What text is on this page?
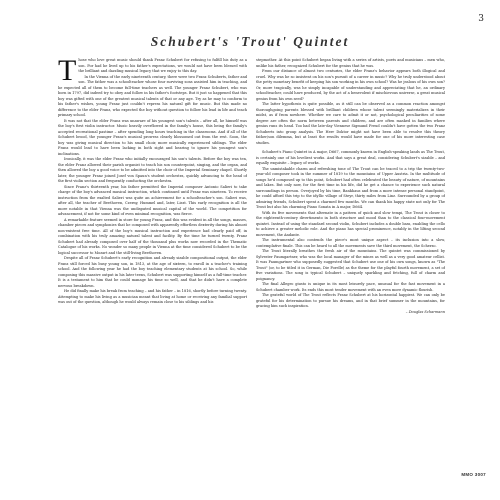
3
Schubert's 'Trout' Quintet

Those who love great music should thank Franz Schubert for refusing to fulfill his duty as a son. For had he lived up to his father's expectations, we would not have been blessed with the brilliant and dazzling musical legacy that we enjoy to this day.

In the Vienna of the early nineteenth century, there were two Franz Schuberts, father and son. The father was a schoolteacher whose four surviving sons assisted him in teaching, and he expected all of them to become full-time teachers as well. The younger Franz Schubert, who was born in 1797, did indeed try to obey and follow in his father's footsteps. But it just so happened that this boy was gifted with one of the greatest musical talents of that or any age. Try as he may to conform to his father's wishes, young Franz just couldn't repress his natural gift for music. But this made no difference to the elder Franz, who expected the boy without question to follow his lead in life and teach primary school.

It was not that the elder Franz was unaware of his youngest son's talents – after all, he himself was the boy's first violin instructor. Music heavily overflowed in the family's house, this being the family's accepted recreational pastime – after spending long hours teaching in the classrooms. And if all of the Schubert brood, the younger Franz's musical prowess clearly blossomed out from the rest. Soon, the boy was giving musical direction to his small choir, more musically experienced siblings. The elder Franz would lead to have been lacking in both sight and hearing to ignore his youngest son's inclinations.

Ironically, it was the elder Franz who initially encouraged his son's talents. Before the boy was ten, the elder Franz allowed their parish organist to teach his son counterpoint, singing, and the organ, and then allowed the boy a good voice to be admitted into the choir of the Imperial Seminary chapel. Shortly later, the younger Franz joined Josef von Spaun's student orchestra, quickly advancing to the head of the first violin section and frequently conducting the orchestra.

Since Franz's thirteenth year, his father permitted the Imperial composer Antonio Salieri to take charge of the boy's advanced musical instruction, which continued until Franz was nineteen. To receive instruction from the exalted Salieri was quite an achievement for a schoolteacher's son. Salieri was, after all, the teacher of Beethoven, Czerny, Hummel and, later, Liszt. This early recognition is all the more notable in that Vienna was the undisputed musical capital of the world. The competition for advancement, if not for some kind of even minimal recognition, was fierce.

A remarkable feature seemed in store for young Franz, and this was evident in all the songs, masses, chamber pieces and symphonies that he composed with apparently effortless dexterity during his almost non-existent free time. All of the boy's musical instruction and experience had clearly paid off, in combination with his truly amazing natural talent and facility. By the time he turned twenty, Franz Schubert had already composed over half of the thousand plus works now recorded in the Thematic Catalogue of his works. No wonder so many people in Vienna at the time considered Schubert to be the logical successor to Mozart and the still-living Beethoven.

Despite all of Franz Schubert's early recognition and already sizable compositional output, the elder Franz still forced his busy young son, in 1813, at the age of sixteen, to enroll in a teacher's training school. And the following year he had the boy teaching elementary students at his school. So, while composing this massive output in his later teens, Schubert was supporting himself as a full-time teacher. It is a testament to him that he could manage his time so well, and that he didn't have a complete nervous breakdown.

He did finally make his break from teaching – and his father – in 1816, shortly before turning twenty. Attempting to make his living as a musician meant that living at home or receiving any familial support was out of the question, although he would always remain close to his siblings and his

stepmother. At this point Schubert began living with a series of artists, poets and musicians – men who, unlike his father, recognized Schubert for the genius that he was.

From our distance of almost two centuries, the elder Franz's behavior appears both illogical and cruel. Why was he so insistent on his son's pursuit of a career in music? Why he truly understood about the petty monetary benefit of keeping his son working in his own school? Was he jealous of his own son? Or, more tragically, was he simply incapable of understanding and appreciating that he, an ordinary schoolteacher, could have produced, by the act of a benevolent if mischievous universe, a great musical genius from his own seed?

The latter hypothesis is quite possible, as it still can be observed as a common reaction amongst thoroughgoing parents blessed with brilliant children whose talent seemingly materializes in their midst, as if from nowhere. Whether we care to admit it or not, psychological peculiarities of some degree are often the norm between parents and children, and are often masked in families where genius runs its head. Too bad the late-day Viennese Sigmund Freud couldn't have gotten the two Franz Schuberts into group analysis. The Herr Doktor might not have been able to resolve this theory father/son dilemma, but at least the results would have made for one of his more interesting case studies.

Schubert's Piano Quintet in A major, D667, commonly known in English-speaking lands as The Trout, is certainly one of his loveliest works. And that says a great deal, considering Schubert's sizable – and equally exquisite – legacy of works.

The unmistakable charm and refreshing tone of The Trout can be traced to a trip the twenty-two-year-old composer took in the summer of 1819 to the mountains of Upper Austria. In the multitude of songs he'd composed up to this point, Schubert had often celebrated the beauty of nature, of mountains and lakes. But only now, for the first time in his life, did he get a chance to experience such natural surroundings in person. Overjoyed by his time, Bankhaus and from a more intense personal standpoint, he could afford this trip to the idyllic village of Steyr, thirty miles from Linz. Surrounded by a group of admiring friends, Schubert spent a charmed few months. We can thank his happy state not only for The Trout but also his charming Piano Sonata in A major, D664.

With its five movements that alternate in a pattern of quick and slow tempi, The Trout is closer to the eighteenth-century divertimento in both structure and mood than to the classical four-movement quintet. Instead of using the standard second violin, Schubert includes a double bass, enabling the cello to achieve a greater melodic role. And the piano has special prominence, notably in the lilting second movement, the Andante.

The instrumental also contends the piece's most unique aspect – its inclusion into a slow, contemplative finale. This can be heard to all the movements save the third movement, the Scherzo.

The Trout literally breathes the fresh air of the mountains. The quintet was commissioned by Sylvester Paumgartner, who was the local manager of the mines as well as a very good amateur cellist. It was Paumgartner who supposedly suggested that Schubert use one of his own songs, known as "The Trout" (or, to be titled it in German, Die Forelle) as the theme for the playful fourth movement, a set of five variations. The song is typical Schubert – uniquely sparkling and fetching, full of charm and poignancy.

The final Allegro giusto is unique in its most leisurely pace, unusual for the fast movement in a Schubert chamber work. Its ends this most tender movement with an even more dynamic flourish.

The grateful world of The Trout reflects Franz Schubert at his horizontal happiest. We can only be grateful for his determination to pursue his dreams, and in that brief summer in the mountains, for gracing him such inspiration.

– Douglas Scharmann

MMO 3007
